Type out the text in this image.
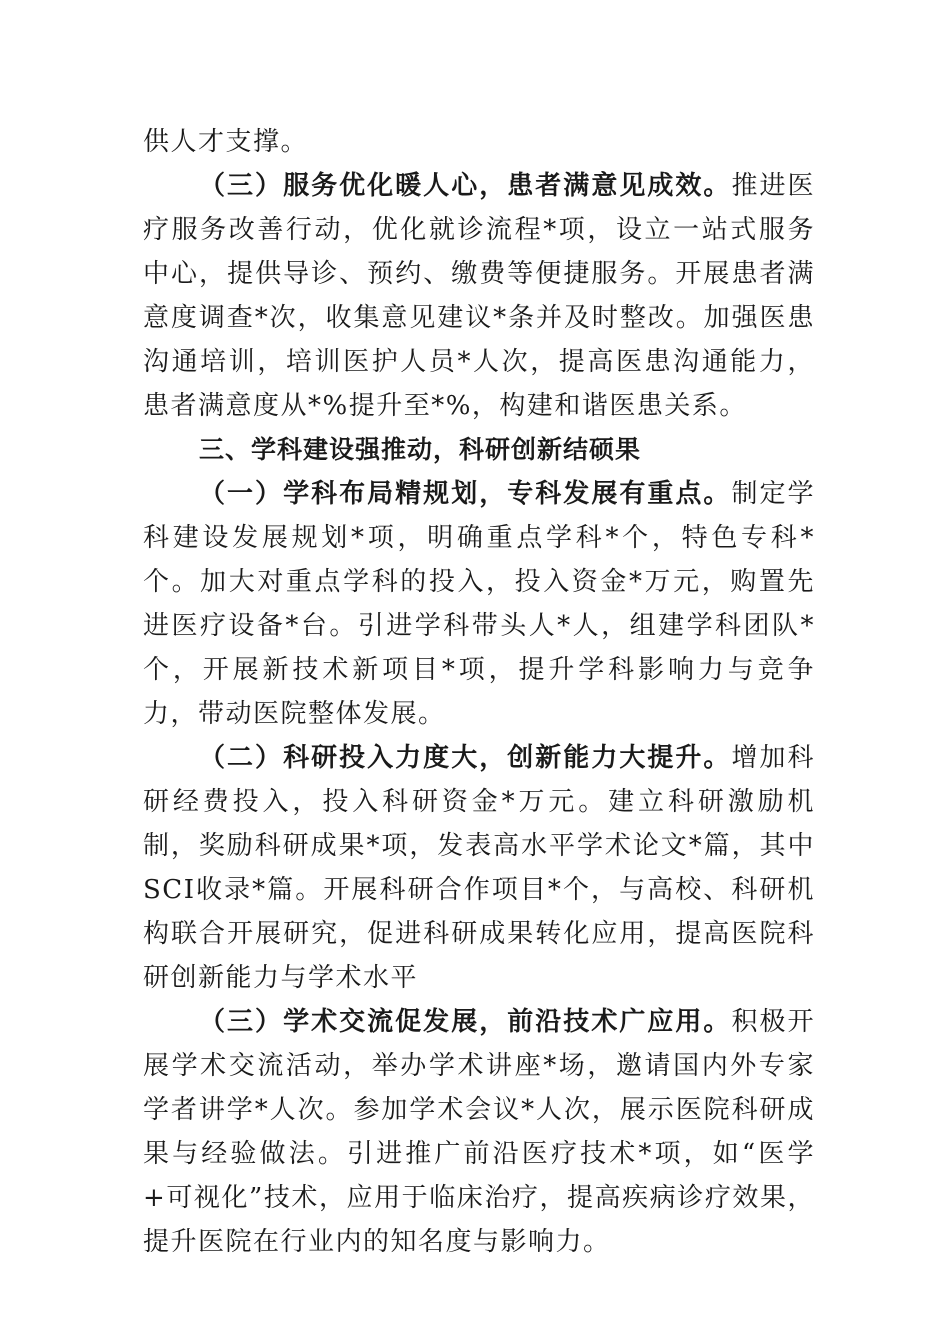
供人才支撑。

（三）服务优化暖人心，患者满意见成效。推进医疗服务改善行动，优化就诊流程*项，设立一站式服务中心，提供导诊、预约、缴费等便捷服务。开展患者满意度调查*次，收集意见建议*条并及时整改。加强医患沟通培训，培训医护人员*人次，提高医患沟通能力，患者满意度从*%提升至*%，构建和谐医患关系。

三、学科建设强推动，科研创新结硕果

（一）学科布局精规划，专科发展有重点。制定学科建设发展规划*项，明确重点学科*个，特色专科*个。加大对重点学科的投入，投入资金*万元，购置先进医疗设备*台。引进学科带头人*人，组建学科团队*个，开展新技术新项目*项，提升学科影响力与竞争力，带动医院整体发展。

（二）科研投入力度大，创新能力大提升。增加科研经费投入，投入科研资金*万元。建立科研激励机制，奖励科研成果*项，发表高水平学术论文*篇，其中SCI收录*篇。开展科研合作项目*个，与高校、科研机构联合开展研究，促进科研成果转化应用，提高医院科研创新能力与学术水平

（三）学术交流促发展，前沿技术广应用。积极开展学术交流活动，举办学术讲座*场，邀请国内外专家学者讲学*人次。参加学术会议*人次，展示医院科研成果与经验做法。引进推广前沿医疗技术*项，如“医学+可视化”技术，应用于临床治疗，提高疾病诊疗效果，提升医院在行业内的知名度与影响力。
